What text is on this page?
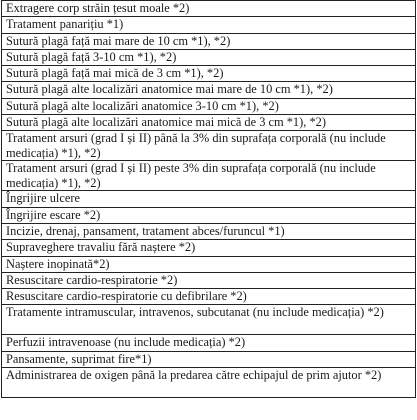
Extragere corp străin țesut moale *2)
Tratament panarițiu *1)
Sutură plagă față mai mare de 10 cm *1), *2)
Sutură plagă față 3-10 cm *1), *2)
Sutură plagă față mai mică de 3 cm *1), *2)
Sutură plagă alte localizări anatomice mai mare de 10 cm *1), *2)
Sutură plagă alte localizări anatomice 3-10 cm *1), *2)
Sutură plagă alte localizări anatomice mai mică de 3 cm *1), *2)
Tratament arsuri (grad I și II) până la 3% din suprafața corporală (nu include medicația) *1), *2)
Tratament arsuri (grad I și II) peste 3% din suprafața corporală (nu include medicația) *1), *2)
Îngrijire ulcere
Îngrijire escare *2)
Incizie, drenaj, pansament, tratament abces/furuncul *1)
Supraveghere travaliu fără naștere *2)
Naștere inopinată*2)
Resuscitare cardio-respiratorie *2)
Resuscitare cardio-respiratorie cu defibrilare *2)
Tratamente intramuscular, intravenos, subcutanat (nu include medicația) *2)
Perfuzii intravenoase (nu include medicația) *2)
Pansamente, suprimat fire*1)
Administrarea de oxigen până la predarea către echipajul de prim ajutor *2)
